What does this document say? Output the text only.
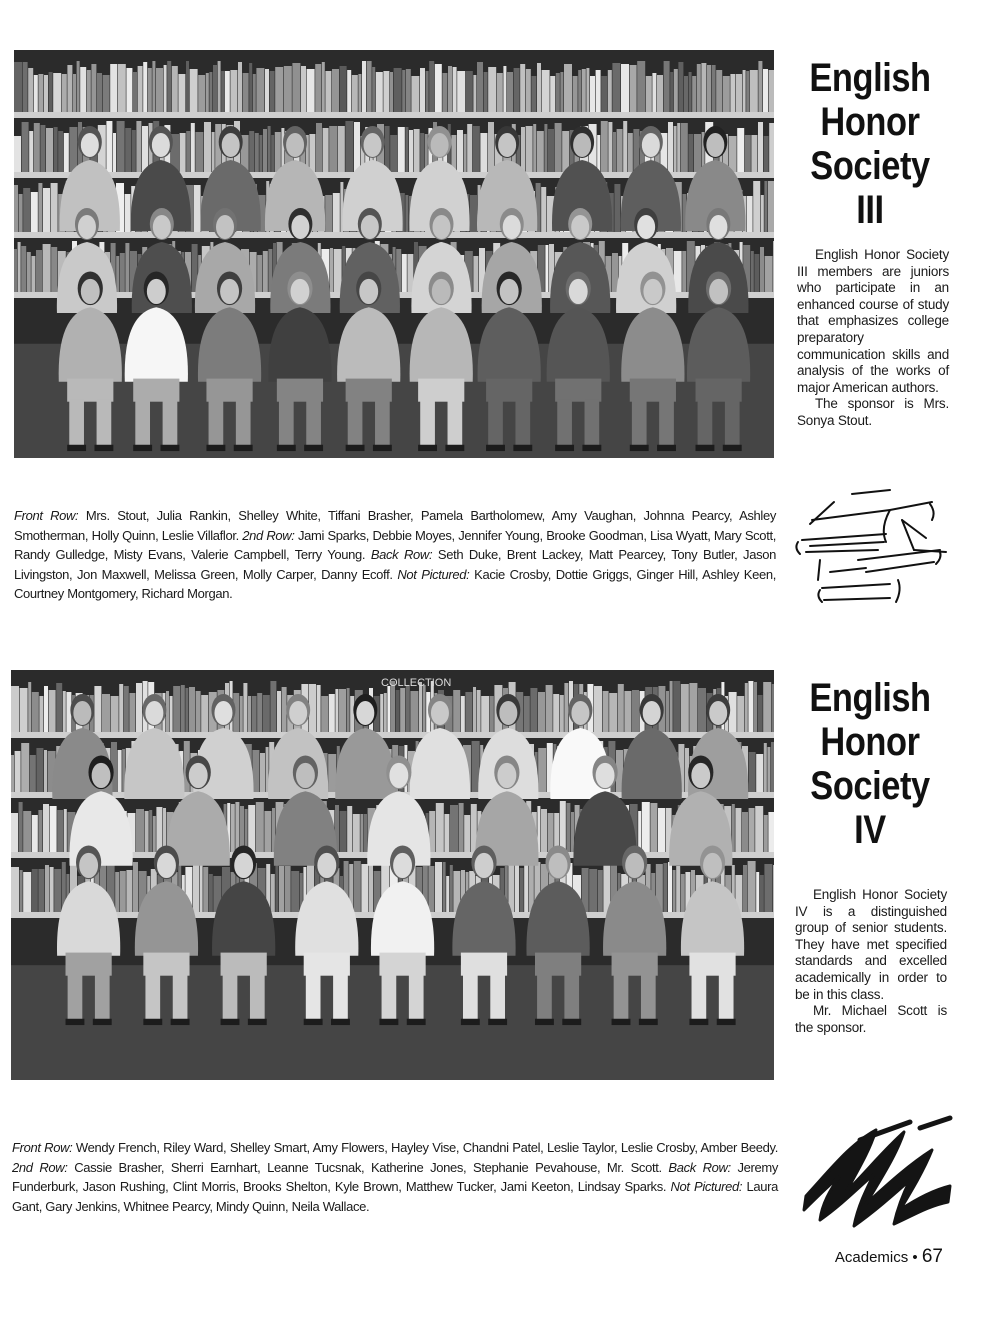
English
Honor
Society
III

English Honor Society III members are juniors who participate in an enhanced course of study that emphasizes college preparatory communication skills and analysis of the works of major American authors.

The sponsor is Mrs. Sonya Stout.

Front Row: Mrs. Stout, Julia Rankin, Shelley White, Tiffani Brasher, Pamela Bartholomew, Amy Vaughan, Johnna Pearcy, Ashley Smotherman, Holly Quinn, Leslie Villaflor. 2nd Row: Jami Sparks, Debbie Moyes, Jennifer Young, Brooke Goodman, Lisa Wyatt, Mary Scott, Randy Gulledge, Misty Evans, Valerie Campbell, Terry Young. Back Row: Seth Duke, Brent Lackey, Matt Pearcey, Tony Butler, Jason Livingston, Jon Maxwell, Melissa Green, Molly Carper, Danny Ecoff. Not Pictured: Kacie Crosby, Dottie Griggs, Ginger Hill, Ashley Keen, Courtney Montgomery, Richard Morgan.
COLLECTION	English
Honor
Society
IV

English Honor Society IV is a distinguished group of senior students. They have met specified standards and excelled academically in order to be in this class.

Mr. Michael Scott is the sponsor.

Front Row: Wendy French, Riley Ward, Shelley Smart, Amy Flowers, Hayley Vise, Chandni Patel, Leslie Taylor, Leslie Crosby, Amber Beedy. 2nd Row: Cassie Brasher, Sherri Earnhart, Leanne Tucsnak, Katherine Jones, Stephanie Pevahouse, Mr. Scott. Back Row: Jeremy Funderburk, Jason Rushing, Clint Morris, Brooks Shelton, Kyle Brown, Matthew Tucker, Jami Keeton, Lindsay Sparks. Not Pictured: Laura Gant, Gary Jenkins, Whitnee Pearcy, Mindy Quinn, Neila Wallace.
Academics • 67
